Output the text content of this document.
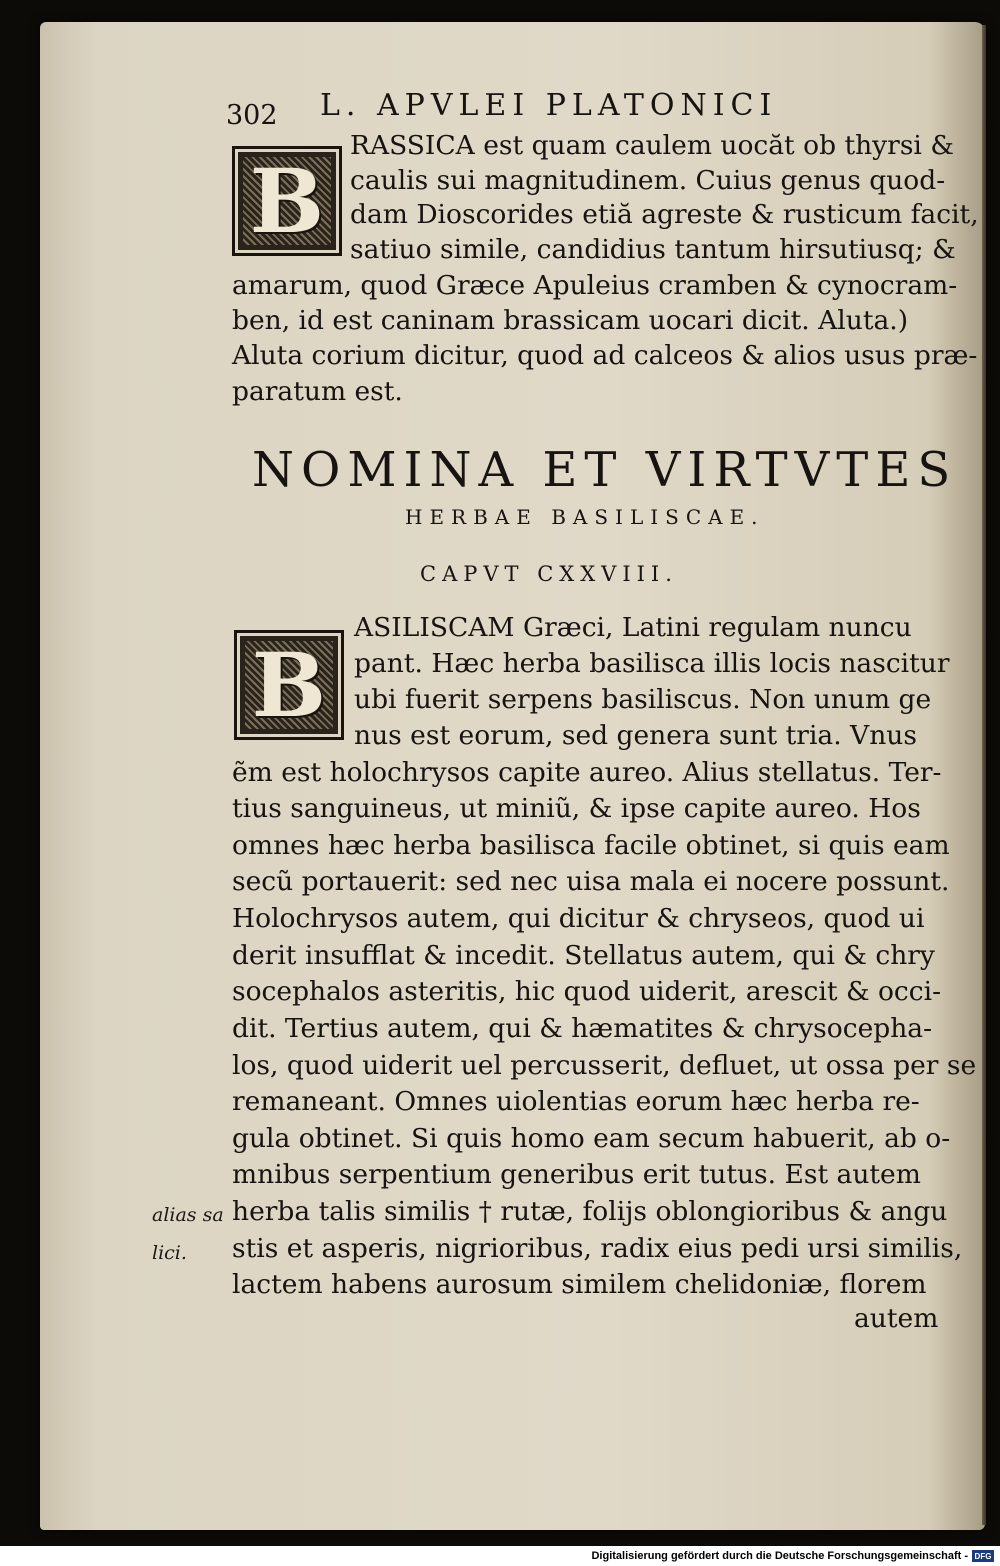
302 L. APVLEI PLATONICI
B
RASSICA est quam caulem uocăt ob thyrsi &
caulis sui magnitudinem. Cuius genus quod-
dam Dioscorides etiă agreste & rusticum facit,
satiuo simile, candidius tantum hirsutiusq; &
amarum, quod Græce Apuleius cramben & cynocram-
ben, id est caninam brassicam uocari dicit. Aluta.)
Aluta corium dicitur, quod ad calceos & alios usus præ-
paratum est.
NOMINA ET VIRTVTES
HERBAE BASILISCAE.
CAPVT CXXVIII.
B
ASILISCAM Græci, Latini regulam nuncu
pant. Hæc herba basilisca illis locis nascitur
ubi fuerit serpens basiliscus. Non unum ge
nus est eorum, sed genera sunt tria. Vnus
ẽm est holochrysos capite aureo. Alius stellatus. Ter-
tius sanguineus, ut miniũ, & ipse capite aureo. Hos
omnes hæc herba basilisca facile obtinet, si quis eam
secũ portauerit: sed nec uisa mala ei nocere possunt.
Holochrysos autem, qui dicitur & chryseos, quod ui
derit insufflat & incedit. Stellatus autem, qui & chry
socephalos asteritis, hic quod uiderit, arescit & occi-
dit. Tertius autem, qui & hæmatites & chrysocepha-
los, quod uiderit uel percusserit, defluet, ut ossa per se
remaneant. Omnes uiolentias eorum hæc herba re-
gula obtinet. Si quis homo eam secum habuerit, ab o-
mnibus serpentium generibus erit tutus. Est autem
herba talis similis † rutæ, foliјs oblongioribus & angu
stis et asperis, nigrioribus, radix eius pedi ursi similis,
lactem habens aurosum similem chelidoniæ, florem
autem
alias sa
lici.
Digitalisierung gefördert durch die Deutsche Forschungsgemeinschaft - DFG
